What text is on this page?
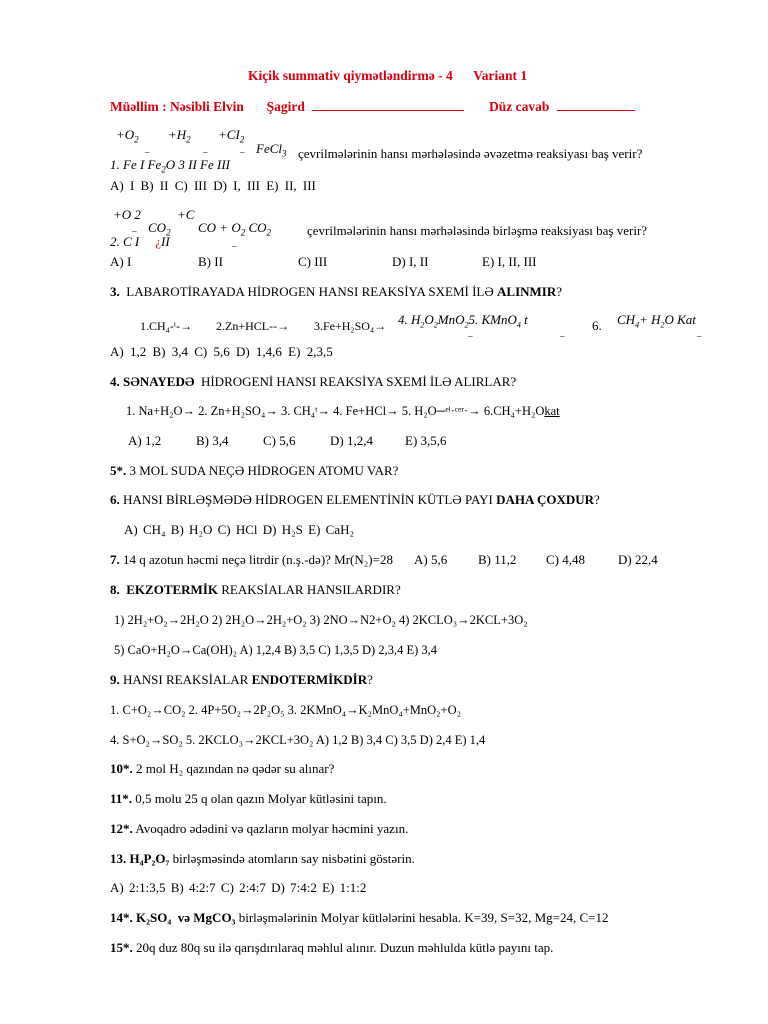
Kiçik summativ qiymətləndirmə - 4 Variant 1
Müəllim : Nəsibli Elvin Şagird	Düz cavab
$+O_2 +H_2 +CI_2$
–	–	– FeCl$_3$
1. Fe I $Fe_2O$ 3 II Fe III
çevrilmələrinin hansı mərhələsində əvəzetmə reaksiyası baş verir?
A) I B) II C) III D) I, III E) II, III
+O 2	+C
– $CO_2$ CO + $O_2$ $CO_2$
2. C I ¿II	–
çevrilmələrinin hansı mərhələsində birləşmə reaksiyası baş verir?
A) I	B) II	C) III	D) I, II	E) I, II, III
3. LABAROTİRAYADA HİDROGEN HANSI REAKSİYA SXEMİ İLƏ ALINMIR?
1.CH₄-ᵗ-→ 2.Zn+HCL--→ 3.Fe+H₂SO₄→ 4. $H_2O_2MnO_25$. KMnO$_4$ t
–	–
6. $CH_4+ H_2O$ Kat
–
A) 1,2 B) 3,4 C) 5,6 D) 1,4,6 E) 2,3,5
4. SƏNAYEDƏ HİDROGENİ HANSI REAKSİYA SXEMİ İLƏ ALIRLAR?
1. Na+H₂O→ 2. Zn+H₂SO₄→ 3. CH₄ᵗ→ 4. Fe+HCl→ 5. H₂O─ᵉˡ·ᶜᵉʳ·→ 6.CH₄+H₂Okat
A) 1,2	B) 3,4	C) 5,6	D) 1,2,4 E) 3,5,6
5*. 3 MOL SUDA NEÇƏ HİDROGEN ATOMU VAR?
6. HANSI BİRLƏŞMƏDƏ HİDROGEN ELEMENTİNİN KÜTLƏ PAYI DAHA ÇOXDUR?
A) CH₄ B) H₂O C) HCl D) H₂S E) CaH₂
7. 14 q azotun həcmi neçə litrdir (n.ş.-də)? Mr(N₂)=28 A) 5,6 B) 11,2 C) 4,48	D) 22,4
8. EKZOTERMİK REAKSİALAR HANSILARDIR?
1) 2H₂+O₂→2H₂O 2) 2H₂O→2H₂+O₂ 3) 2NO→N2+O₂ 4) 2KCLO₃→2KCL+3O₂
5) CaO+H₂O→Ca(OH)₂ A) 1,2,4 B) 3,5 C) 1,3,5 D) 2,3,4 E) 3,4
9. HANSI REAKSİALAR ENDOTERMİKDİR?
1. C+O₂→CO₂ 2. 4P+5O₂→2P₂O₅ 3. 2KMnO₄→K₂MnO₄+MnO₂+O₂
4. S+O₂→SO₂ 5. 2KCLO₃→2KCL+3O₂ A) 1,2 B) 3,4 C) 3,5 D) 2,4 E) 1,4
10*. 2 mol H₂ qazından nə qədər su alınar?
11*. 0,5 molu 25 q olan qazın Molyar kütləsini tapın.
12*. Avoqadro ədədini və qazların molyar həcmini yazın.
13. H₄P₂O₇ birləşməsində atomların say nisbətini göstərin.
A) 2:1:3,5 B) 4:2:7 C) 2:4:7 D) 7:4:2 E) 1:1:2
14*. K₂SO₄ və MgCO₃ birləşmələrinin Molyar kütlələrini hesabla. K=39, S=32, Mg=24, C=12
15*. 20q duz 80q su ilə qarışdırılaraq məhlul alınır. Duzun məhlulda kütlə payını tap.
